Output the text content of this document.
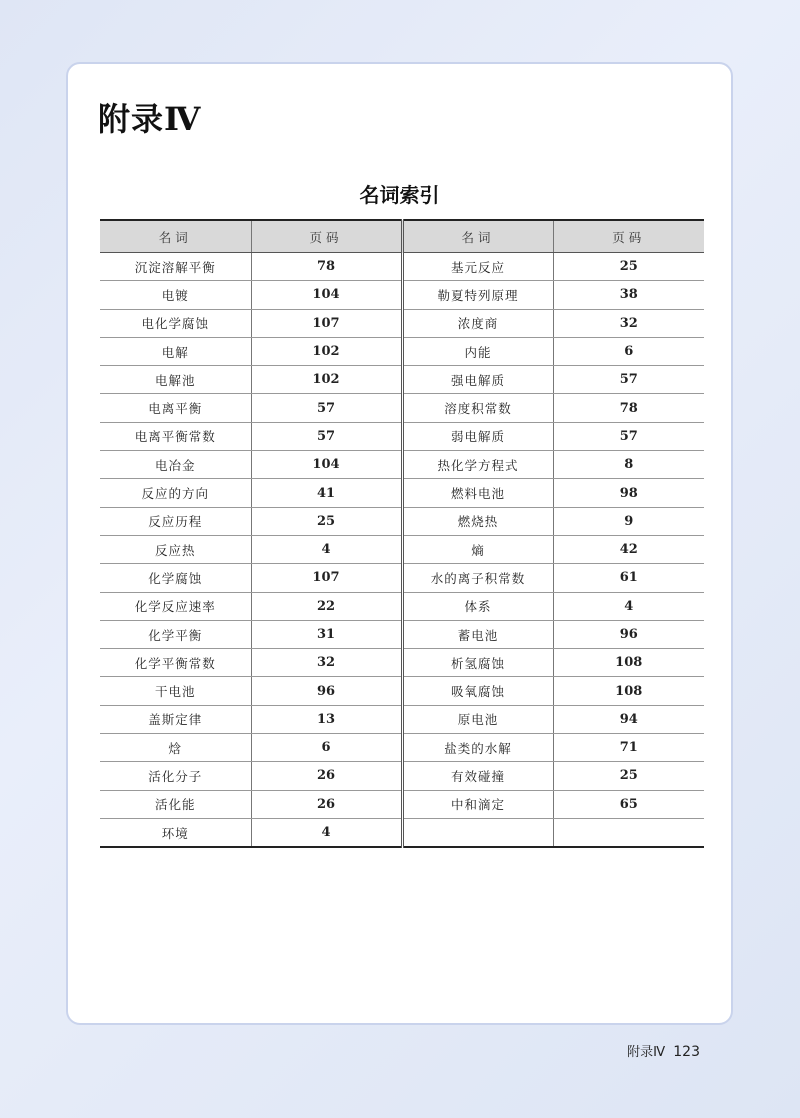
附录Ⅳ
名词索引
名词	页码	名词	页码
沉淀溶解平衡	78	基元反应	25
电镀	104	勒夏特列原理	38
电化学腐蚀	107	浓度商	32
电解	102	内能	6
电解池	102	强电解质	57
电离平衡	57	溶度积常数	78
电离平衡常数	57	弱电解质	57
电冶金	104	热化学方程式	8
反应的方向	41	燃料电池	98
反应历程	25	燃烧热	9
反应热	4	熵	42
化学腐蚀	107	水的离子积常数	61
化学反应速率	22	体系	4
化学平衡	31	蓄电池	96
化学平衡常数	32	析氢腐蚀	108
干电池	96	吸氧腐蚀	108
盖斯定律	13	原电池	94
焓	6	盐类的水解	71
活化分子	26	有效碰撞	25
活化能	26	中和滴定	65
环境	4		
附录Ⅳ 123
